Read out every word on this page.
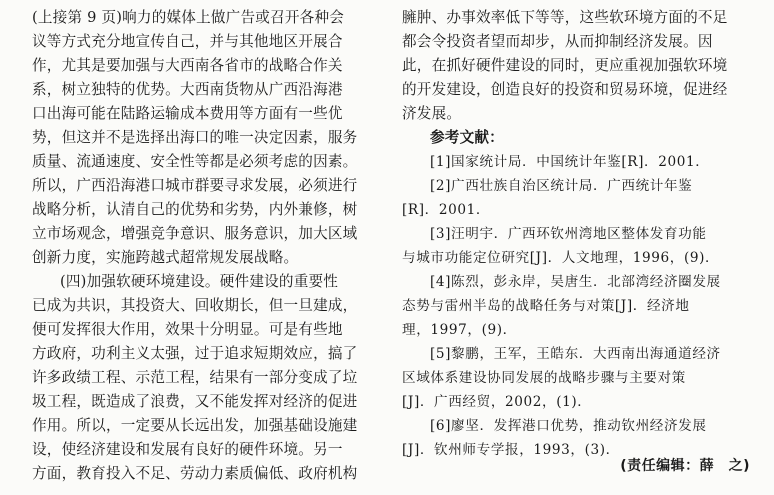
(上接第 9 页)响力的媒体上做广告或召开各种会
议等方式充分地宣传自己，并与其他地区开展合
作，尤其是要加强与大西南各省市的战略合作关
系，树立独特的优势。大西南货物从广西沿海港
口出海可能在陆路运输成本费用等方面有一些优
势，但这并不是选择出海口的唯一决定因素，服务
质量、流通速度、安全性等都是必须考虑的因素。
所以，广西沿海港口城市群要寻求发展，必须进行
战略分析，认清自己的优势和劣势，内外兼修，树
立市场观念，增强竞争意识、服务意识，加大区域
创新力度，实施跨越式超常规发展战略。
(四)加强软硬环境建设。硬件建设的重要性
已成为共识，其投资大、回收期长，但一旦建成，
便可发挥很大作用，效果十分明显。可是有些地
方政府，功利主义太强，过于追求短期效应，搞了
许多政绩工程、示范工程，结果有一部分变成了垃
圾工程，既造成了浪费，又不能发挥对经济的促进
作用。所以，一定要从长远出发，加强基础设施建
设，使经济建设和发展有良好的硬件环境。另一
方面，教育投入不足、劳动力素质偏低、政府机构
臃肿、办事效率低下等等，这些软环境方面的不足
都会令投资者望而却步，从而抑制经济发展。因
此，在抓好硬件建设的同时，更应重视加强软环境
的开发建设，创造良好的投资和贸易环境，促进经
济发展。
参考文献：
[1]国家统计局．中国统计年鉴[R]．2001．
[2]广西壮族自治区统计局．广西统计年鉴
[R]．2001．
[3]汪明宇．广西环钦州湾地区整体发育功能
与城市功能定位研究[J]．人文地理，1996，(9)．
[4]陈烈，彭永岸，吴唐生．北部湾经济圈发展
态势与雷州半岛的战略任务与对策[J]．经济地
理，1997，(9)．
[5]黎鹏，王军，王皓东．大西南出海通道经济
区域体系建设协同发展的战略步骤与主要对策
[J]．广西经贸，2002，(1)．
[6]廖坚．发挥港口优势，推动钦州经济发展
[J]．钦州师专学报，1993，(3)．
(责任编辑：薛　之)
